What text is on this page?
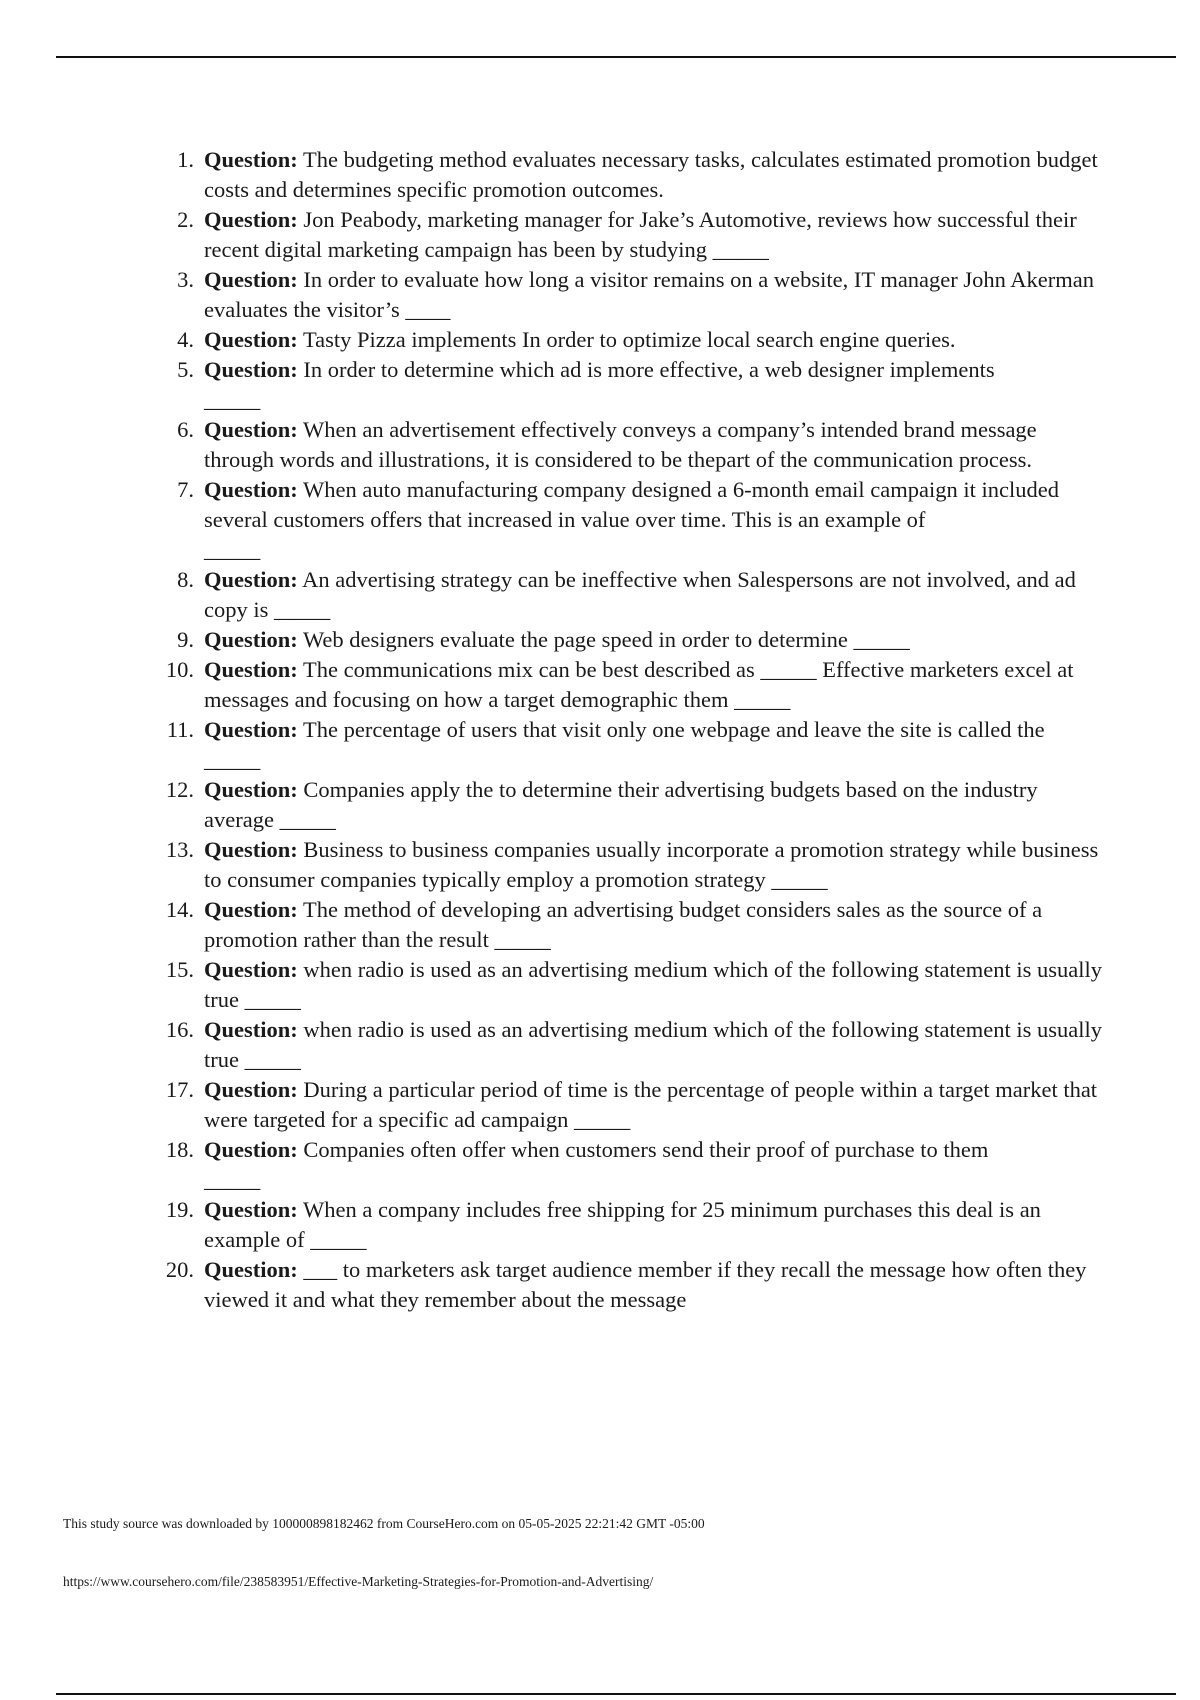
1. Question: The budgeting method evaluates necessary tasks, calculates estimated promotion budget costs and determines specific promotion outcomes.
2. Question: Jon Peabody, marketing manager for Jake’s Automotive, reviews how successful their recent digital marketing campaign has been by studying _____
3. Question: In order to evaluate how long a visitor remains on a website, IT manager John Akerman evaluates the visitor’s ____
4. Question: Tasty Pizza implements In order to optimize local search engine queries.
5. Question: In order to determine which ad is more effective, a web designer implements
_____
6. Question: When an advertisement effectively conveys a company’s intended brand message through words and illustrations, it is considered to be thepart of the communication process.
7. Question: When auto manufacturing company designed a 6-month email campaign it included several customers offers that increased in value over time. This is an example of
_____
8. Question: An advertising strategy can be ineffective when Salespersons are not involved, and ad copy is _____
9. Question: Web designers evaluate the page speed in order to determine _____
10. Question: The communications mix can be best described as _____ Effective marketers excel at messages and focusing on how a target demographic them _____
11. Question: The percentage of users that visit only one webpage and leave the site is called the _____
12. Question: Companies apply the to determine their advertising budgets based on the industry average _____
13. Question: Business to business companies usually incorporate a promotion strategy while business to consumer companies typically employ a promotion strategy _____
14. Question: The method of developing an advertising budget considers sales as the source of a promotion rather than the result _____
15. Question: when radio is used as an advertising medium which of the following statement is usually true _____
16. Question: when radio is used as an advertising medium which of the following statement is usually true _____
17. Question: During a particular period of time is the percentage of people within a target market that were targeted for a specific ad campaign _____
18. Question: Companies often offer when customers send their proof of purchase to them
_____
19. Question: When a company includes free shipping for 25 minimum purchases this deal is an example of _____
20. Question: ___ to marketers ask target audience member if they recall the message how often they viewed it and what they remember about the message
This study source was downloaded by 100000898182462 from CourseHero.com on 05-05-2025 22:21:42 GMT -05:00
https://www.coursehero.com/file/238583951/Effective-Marketing-Strategies-for-Promotion-and-Advertising/
